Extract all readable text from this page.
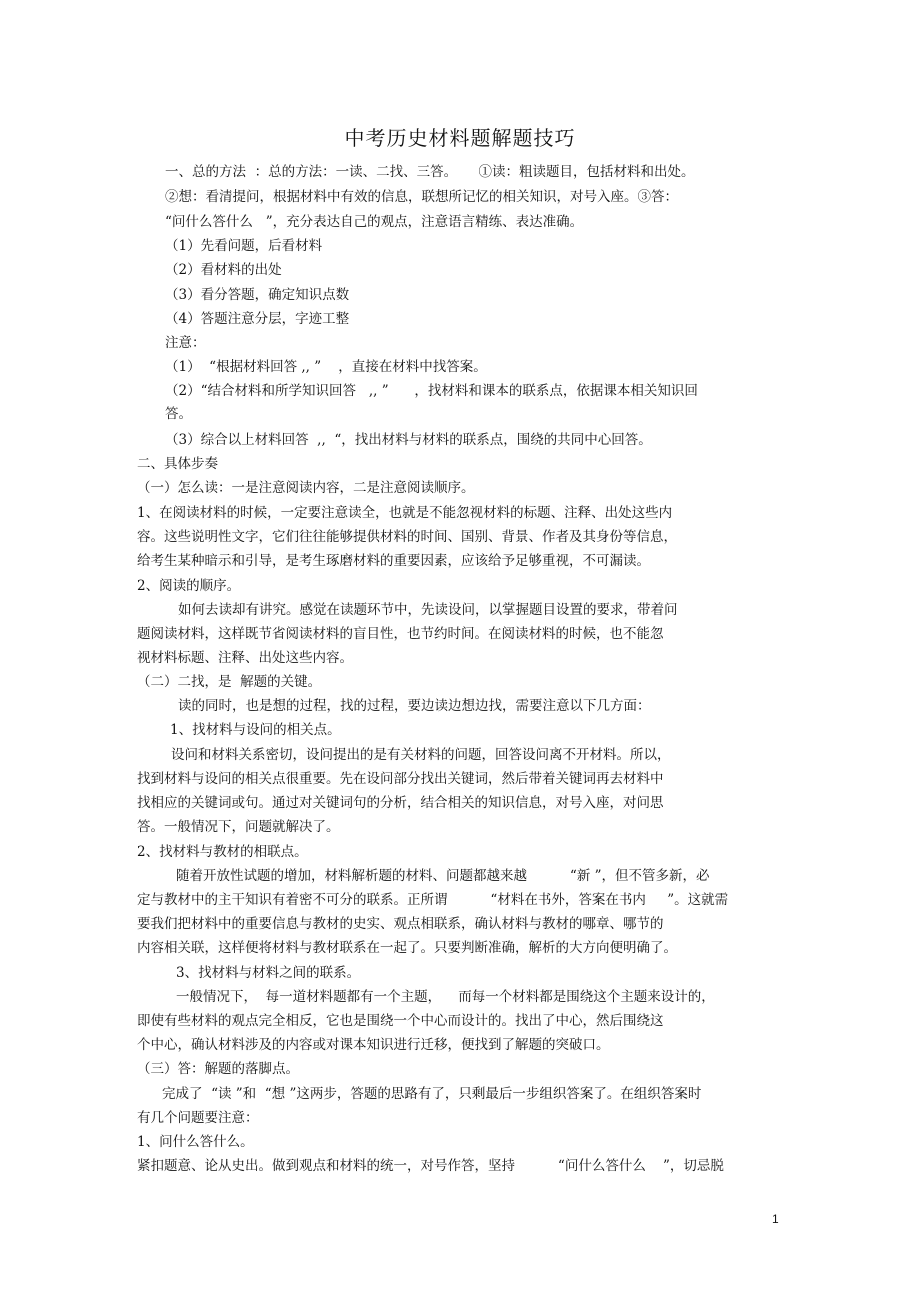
中考历史材料题解题技巧

一、总的方法  ：总的方法：一读、二找、三答。     ①读：粗读题目，包括材料和出处。

②想：看清提问，根据材料中有效的信息，联想所记忆的相关知识，对号入座。③答：

“问什么答什么   ”，充分表达自己的观点，注意语言精练、表达准确。

（1）先看问题，后看材料

（2）看材料的出处

（3）看分答题，确定知识点数

（4）答题注意分层，字迹工整

注意：

（1）  “根据材料回答 ,, ”    ，直接在材料中找答案。

（2）“结合材料和所学知识回答   ,, ”      ，找材料和课本的联系点，依据课本相关知识回

答。

（3）综合以上材料回答  ,,  “，找出材料与材料的联系点，围绕的共同中心回答。

二、具体步奏

（一）怎么读：一是注意阅读内容，二是注意阅读顺序。

1、在阅读材料的时候，一定要注意读全，也就是不能忽视材料的标题、注释、出处这些内

容。这些说明性文字，它们往往能够提供材料的时间、国别、背景、作者及其身份等信息，

给考生某种暗示和引导，是考生琢磨材料的重要因素，应该给予足够重视，不可漏读。

2、阅读的顺序。

如何去读却有讲究。感觉在读题环节中，先读设问，以掌握题目设置的要求，带着问

题阅读材料，这样既节省阅读材料的盲目性，也节约时间。在阅读材料的时候，也不能忽

视材料标题、注释、出处这些内容。

（二）二找，是  解题的关键。

读的同时，也是想的过程，找的过程，要边读边想边找，需要注意以下几方面：

1、找材料与设问的相关点。

设问和材料关系密切，设问提出的是有关材料的问题，回答设问离不开材料。所以，

找到材料与设问的相关点很重要。先在设问部分找出关键词，然后带着关键词再去材料中

找相应的关键词或句。通过对关键词句的分析，结合相关的知识信息，对号入座，对问思

答。一般情况下，问题就解决了。

2、找材料与教材的相联点。

随着开放性试题的增加，材料解析题的材料、问题都越来越          “新 ”，但不管多新，必

定与教材中的主干知识有着密不可分的联系。正所谓          “材料在书外，答案在书内     ”。这就需

要我们把材料中的重要信息与教材的史实、观点相联系，确认材料与教材的哪章、哪节的

内容相关联，这样便将材料与教材联系在一起了。只要判断准确，解析的大方向便明确了。

3、找材料与材料之间的联系。

一般情况下，  每一道材料题都有一个主题，    而每一个材料都是围绕这个主题来设计的，

即使有些材料的观点完全相反，它也是围绕一个中心而设计的。找出了中心，然后围绕这

个中心，确认材料涉及的内容或对课本知识进行迁移，便找到了解题的突破口。

（三）答：解题的落脚点。

完成了  “读 ”和  “想 ”这两步，答题的思路有了，只剩最后一步组织答案了。在组织答案时

有几个问题要注意：

1、问什么答什么。

紧扣题意、论从史出。做到观点和材料的统一，对号作答，坚持          “问什么答什么    ”，切忌脱

1
